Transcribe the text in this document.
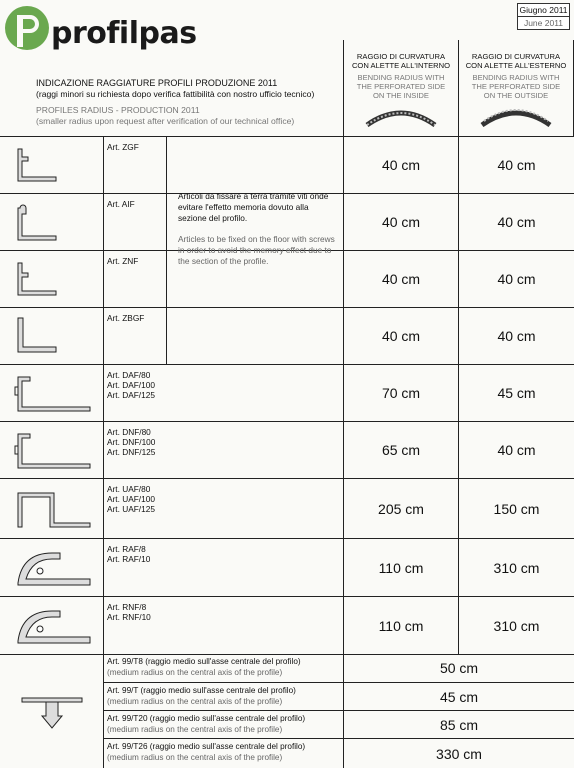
profilpas
Giugno 2011
June 2011
INDICAZIONE RAGGIATURE PROFILI PRODUZIONE 2011
(raggi minori su richiesta dopo verifica fattibilità con nostro ufficio tecnico)
PROFILES RADIUS - PRODUCTION 2011
(smaller radius upon request after verification of our technical office)
RAGGIO DI CURVATURA
CON ALETTE ALL'INTERNO
BENDING RADIUS WITH
THE PERFORATED SIDE
ON THE INSIDE
RAGGIO DI CURVATURA
CON ALETTE ALL'ESTERNO
BENDING RADIUS WITH
THE PERFORATED SIDE
ON THE OUTSIDE
Art. ZGF
40 cm	40 cm
Art. AIF
40 cm	40 cm
Art. ZNF
40 cm	40 cm
Art. ZBGF
40 cm	40 cm
Art. DAF/80
Art. DAF/100
Art. DAF/125	70 cm	45 cm
Art. DNF/80
Art. DNF/100
Art. DNF/125	65 cm	40 cm
Art. UAF/80
Art. UAF/100
Art. UAF/125	205 cm	150 cm
Art. RAF/8
Art. RAF/10
110 cm	310 cm
Art. RNF/8
Art. RNF/10
110 cm	310 cm
Articoli da fissare a terra tramite viti onde evitare l'effetto memoria dovuto alla sezione del profilo.
Articles to be fixed on the floor with screws in order to avoid the memory effect due to the section of the profile.
Art. 99/T8 (raggio medio sull'asse centrale del profilo)
(medium radius on the central axis of the profile)	50 cm
Art. 99/T (raggio medio sull'asse centrale del profilo)
(medium radius on the central axis of the profile)	45 cm
Art. 99/T20 (raggio medio sull'asse centrale del profilo)
(medium radius on the central axis of the profile)	85 cm
Art. 99/T26 (raggio medio sull'asse centrale del profilo)
(medium radius on the central axis of the profile)	330 cm
